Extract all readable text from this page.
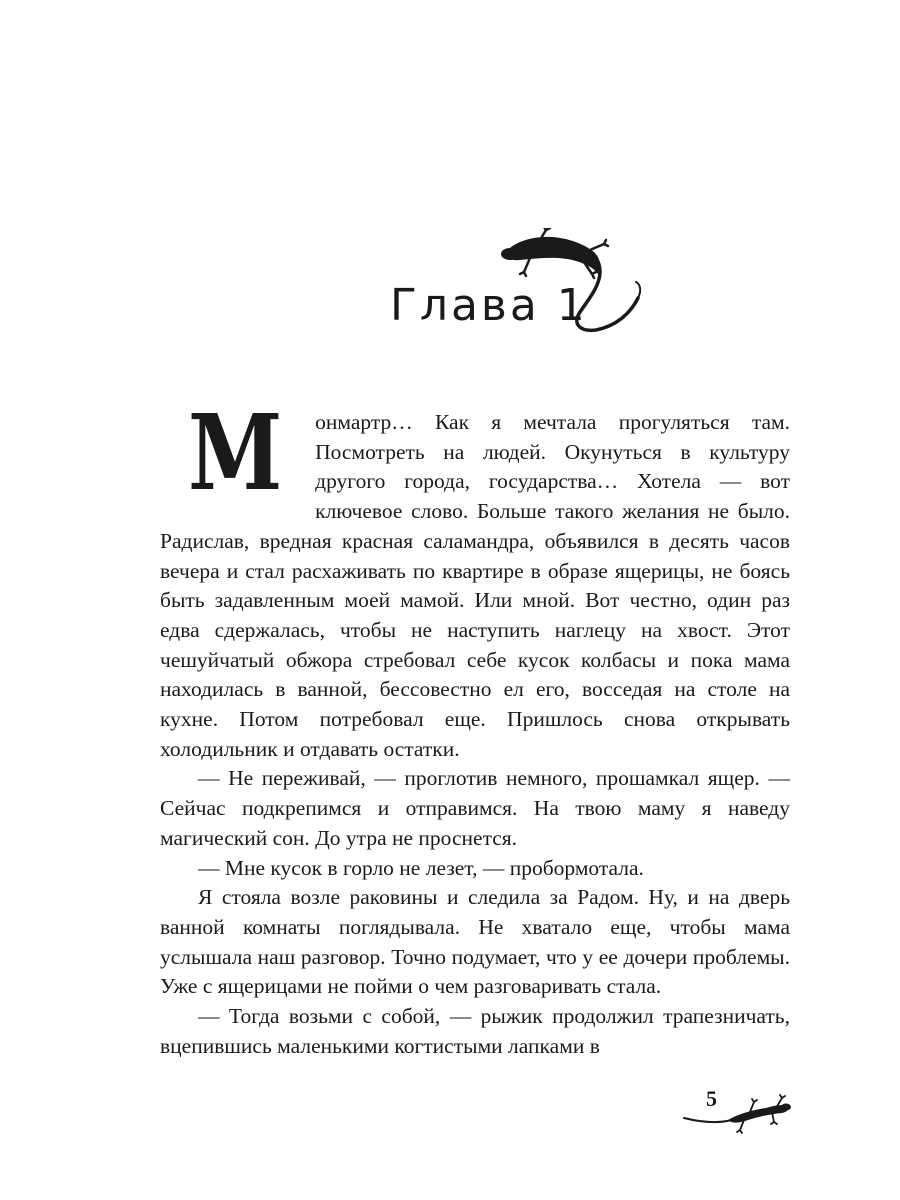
Глава 1

М онмартр… Как я мечтала прогуляться там. Посмотреть на людей. Окунуться в культуру другого города, государства… Хотела — вот ключевое слово. Больше такого желания не было. Радислав, вредная красная саламандра, объявился в десять часов вечера и стал расхаживать по квартире в образе ящерицы, не боясь быть задавленным моей мамой. Или мной. Вот честно, один раз едва сдержалась, чтобы не наступить наглецу на хвост. Этот чешуйчатый обжора стребовал себе кусок колбасы и пока мама находилась в ванной, бессовестно ел его, восседая на столе на кухне. Потом потребовал еще. Пришлось снова открывать холодильник и отдавать остатки.

— Не переживай, — проглотив немного, прошамкал ящер. — Сейчас подкрепимся и отправимся. На твою маму я наведу магический сон. До утра не проснется.

— Мне кусок в горло не лезет, — пробормотала.

Я стояла возле раковины и следила за Радом. Ну, и на дверь ванной комнаты поглядывала. Не хватало еще, чтобы мама услышала наш разговор. Точно подумает, что у ее дочери проблемы. Уже с ящерицами не пойми о чем разговаривать стала.

— Тогда возьми с собой, — рыжик продолжил трапезничать, вцепившись маленькими когтистыми лапками в

5
